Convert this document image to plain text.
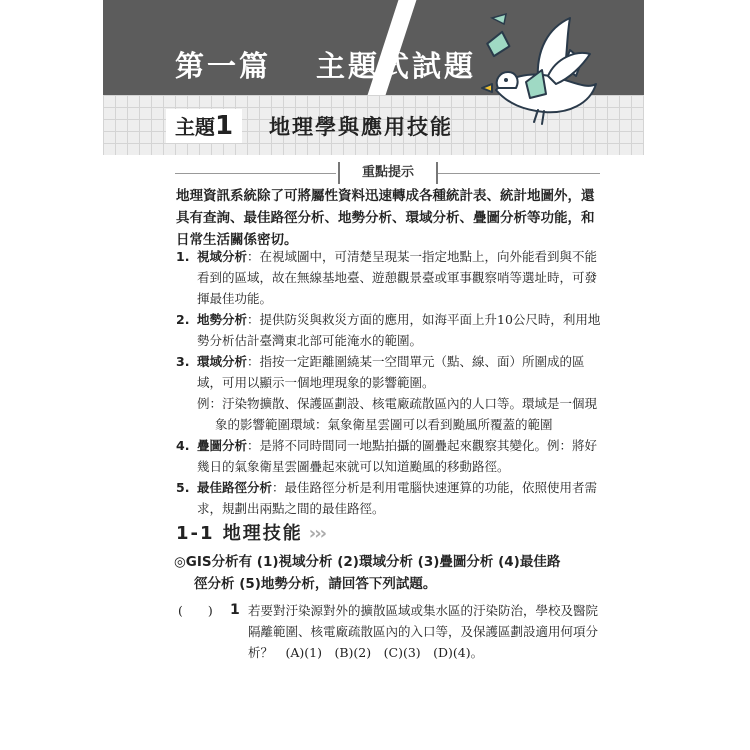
第一篇 主題式試題
主題1	地理學與應用技能
重點提示
地理資訊系統除了可將屬性資料迅速轉成各種統計表、統計地圖外，還具有查詢、最佳路徑分析、地勢分析、環域分析、疊圖分析等功能，和日常生活關係密切。
1. 視域分析：在視域圖中，可清楚呈現某一指定地點上，向外能看到與不能看到的區域，故在無線基地臺、遊憩觀景臺或軍事觀察哨等選址時，可發揮最佳功能。
2. 地勢分析：提供防災與救災方面的應用，如海平面上升10公尺時，利用地勢分析估計臺灣東北部可能淹水的範圍。
3. 環域分析：指按一定距離圍繞某一空間單元（點、線、面）所圍成的區域，可用以顯示一個地理現象的影響範圍。
例：汙染物擴散、保護區劃設、核電廠疏散區內的人口等。環域是一個現
象的影響範圍環域：氣象衛星雲圖可以看到颱風所覆蓋的範圍
4. 疊圖分析：是將不同時間同一地點拍攝的圖疊起來觀察其變化。例：將好幾日的氣象衛星雲圖疊起來就可以知道颱風的移動路徑。
5. 最佳路徑分析：最佳路徑分析是利用電腦快速運算的功能，依照使用者需求，規劃出兩點之間的最佳路徑。
1-1 地理技能 ›››
◎GIS分析有 (1)視域分析 (2)環域分析 (3)疊圖分析 (4)最佳路
徑分析 (5)地勢分析，請回答下列試題。
(　　) 1 若要對汙染源對外的擴散區域或集水區的汙染防治，學校及醫院隔離範圍、核電廠疏散區內的入口等，及保護區劃設適用何項分析？　(A)(1)　(B)(2)　(C)(3)　(D)(4)。
